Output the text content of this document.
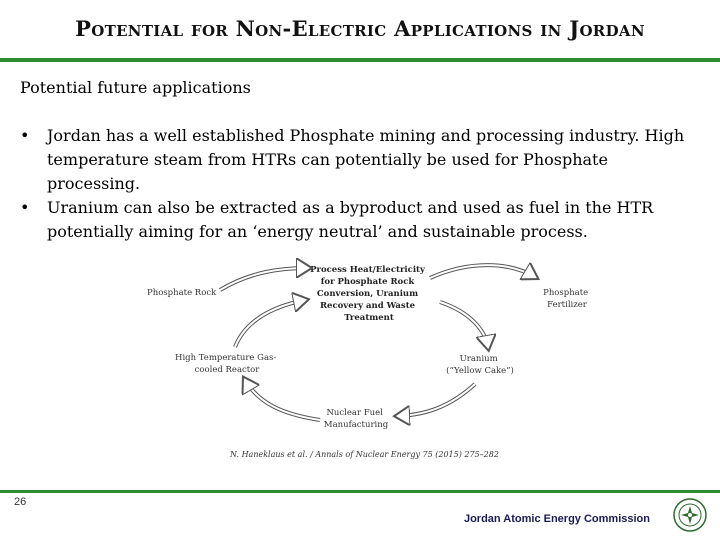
Potential for Non-Electric Applications in Jordan
Potential future applications
• Jordan has a well established Phosphate mining and processing industry. High temperature steam from HTRs can potentially be used for Phosphate processing.
• Uranium can also be extracted as a byproduct and used as fuel in the HTR potentially aiming for an ‘energy neutral’ and sustainable process.
Process Heat/Electricity for Phosphate Rock Conversion, Uranium Recovery and Waste Treatment
Phosphate Rock	Phosphate Fertilizer
Uranium (“Yellow Cake”)
Nuclear Fuel Manufacturing
High Temperature Gas- cooled Reactor
N. Haneklaus et al. / Annals of Nuclear Energy 75 (2015) 275–282
26
Jordan Atomic Energy Commission
